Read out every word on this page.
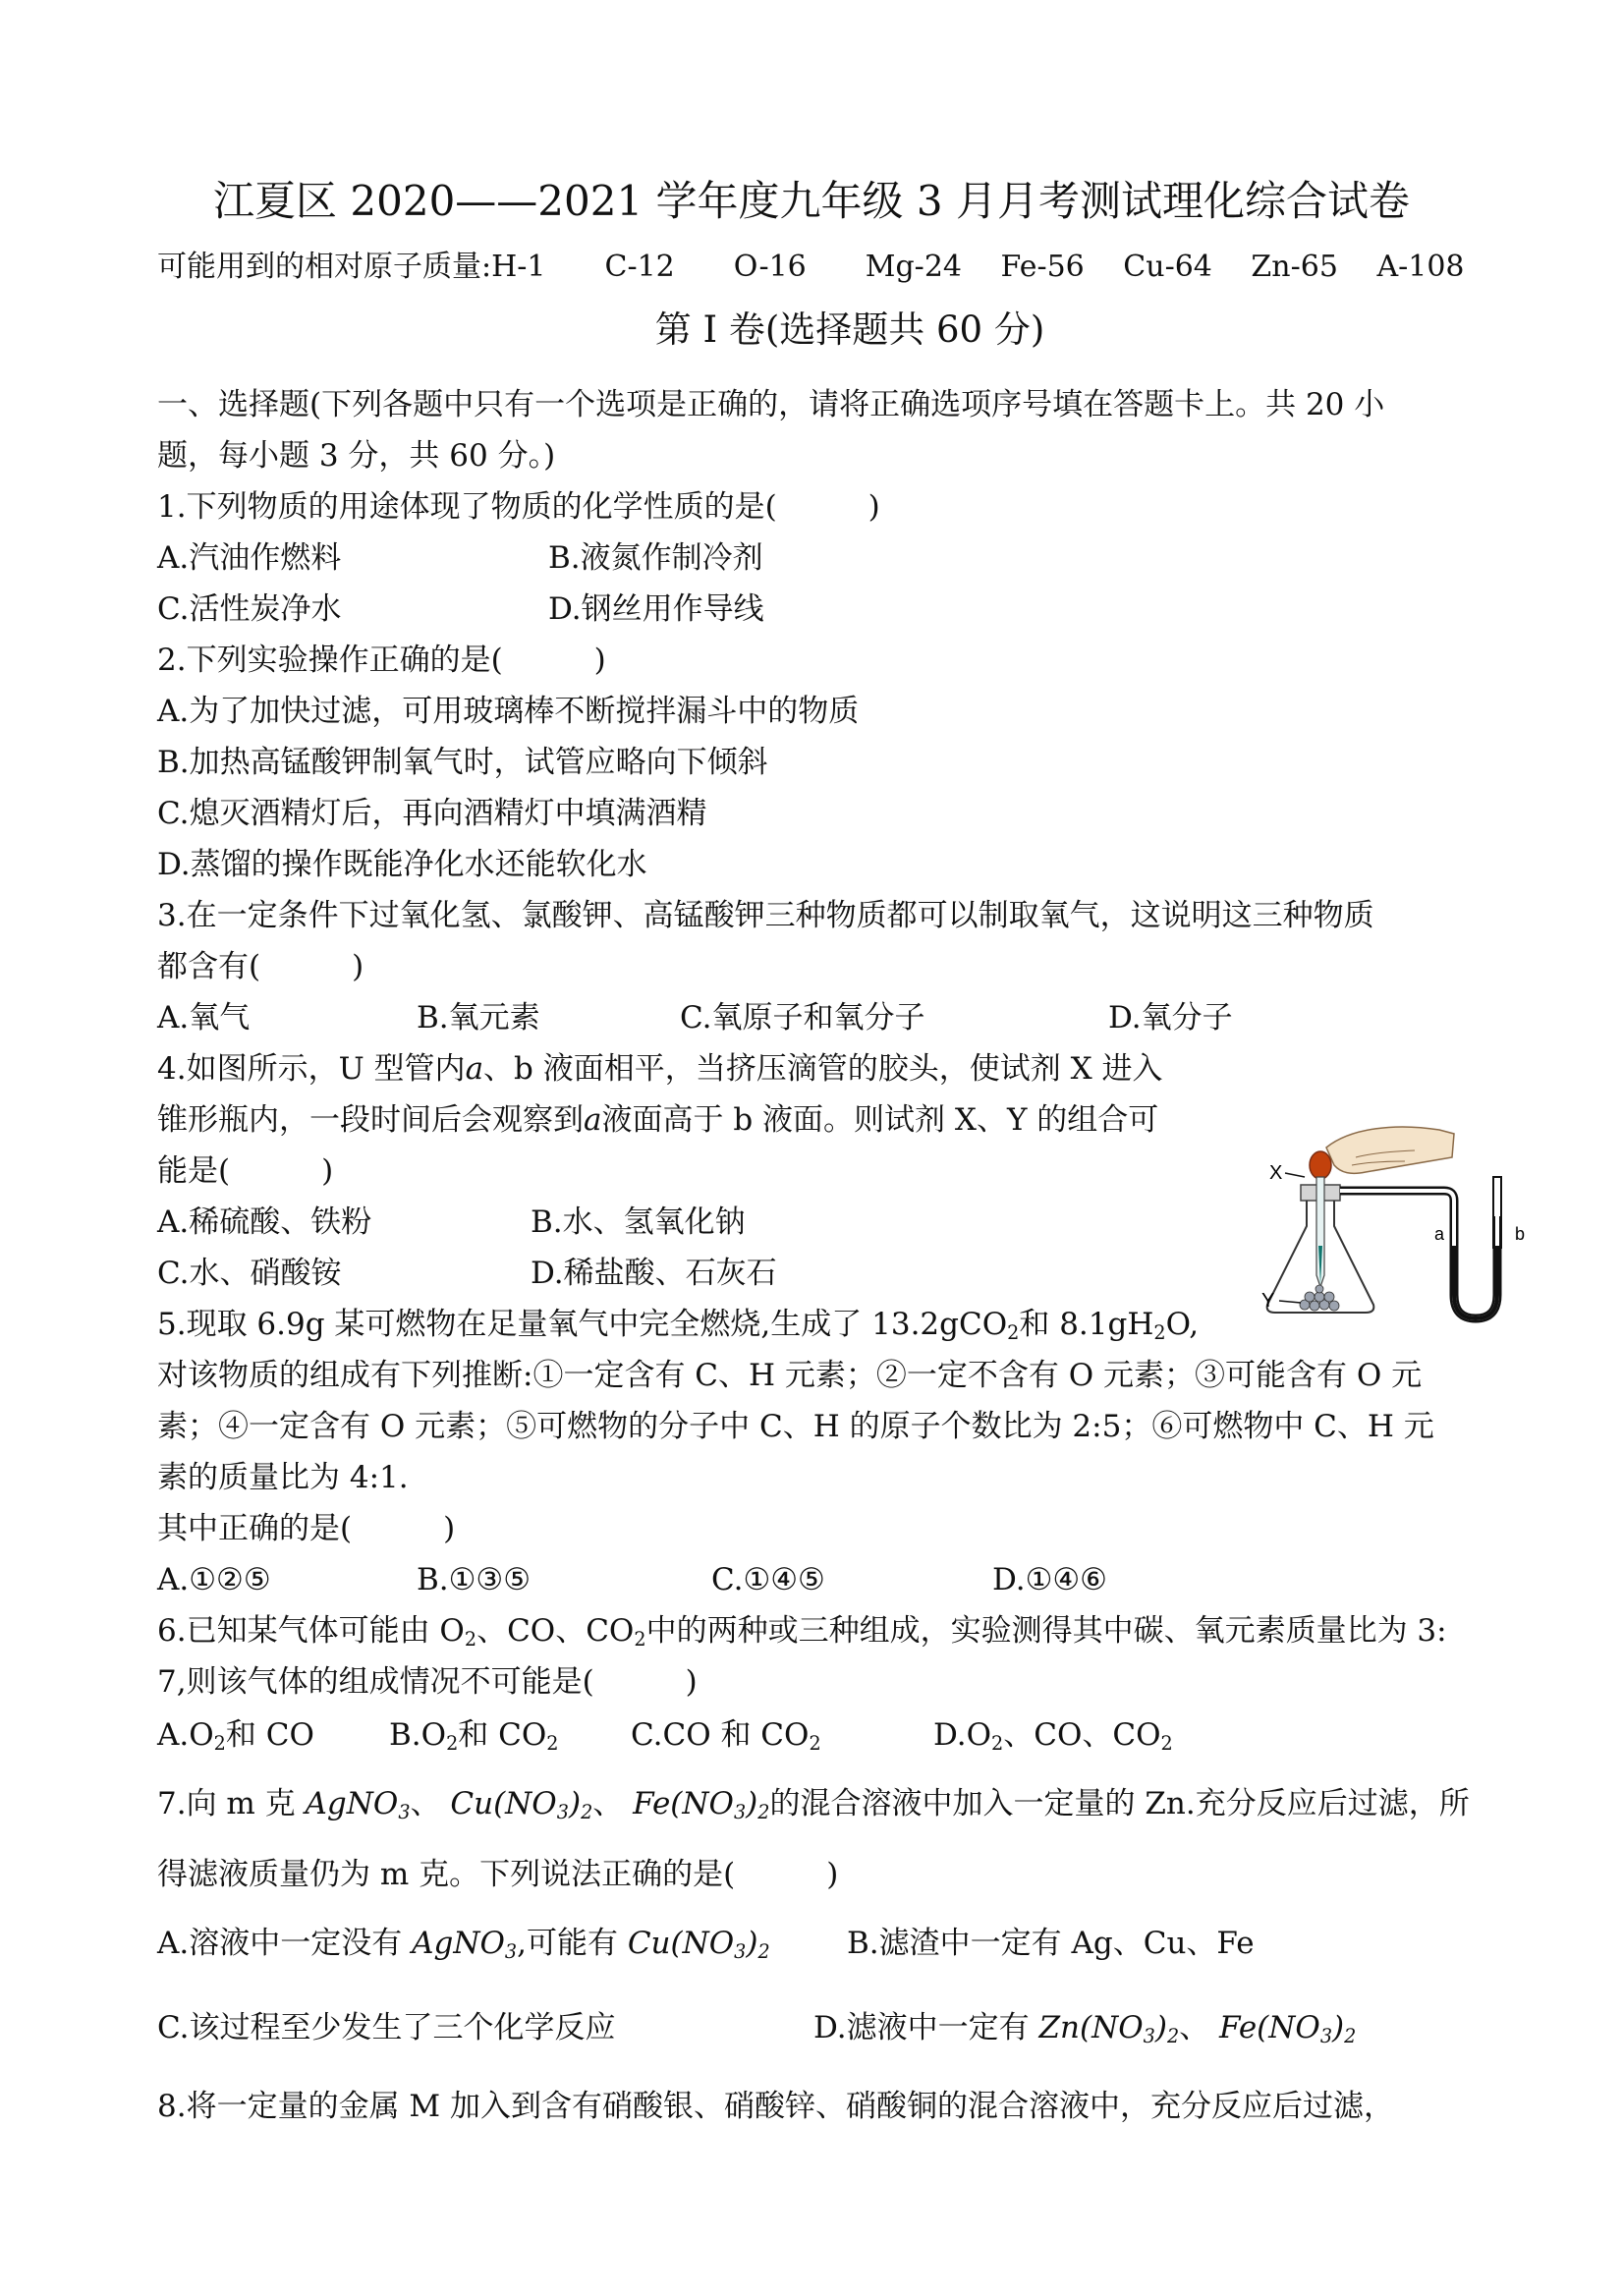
江夏区 2020——2021 学年度九年级 3 月月考测试理化综合试卷
可能用到的相对原子质量:H-1　　C-12　　O-16　　Mg-24　 Fe-56 　Cu-64 　Zn-65 　A-108
第 I 卷(选择题共 60 分)
一、选择题(下列各题中只有一个选项是正确的，请将正确选项序号填在答题卡上。共 20 小
题，每小题 3 分，共 60 分。)
1.下列物质的用途体现了物质的化学性质的是(　　　)
A.汽油作燃料	B.液氮作制冷剂
C.活性炭净水	D.钢丝用作导线
2.下列实验操作正确的是(　　　)
A.为了加快过滤，可用玻璃棒不断搅拌漏斗中的物质
B.加热高锰酸钾制氧气时，试管应略向下倾斜
C.熄灭酒精灯后，再向酒精灯中填满酒精
D.蒸馏的操作既能净化水还能软化水
3.在一定条件下过氧化氢、氯酸钾、高锰酸钾三种物质都可以制取氧气，这说明这三种物质
都含有(　　　)
A.氧气	B.氧元素	C.氧原子和氧分子	D.氧分子
4.如图所示，U 型管内a、b 液面相平，当挤压滴管的胶头，使试剂 X 进入
锥形瓶内，一段时间后会观察到a液面高于 b 液面。则试剂 X、Y 的组合可
能是(　　　)
A.稀硫酸、铁粉	B.水、氢氧化钠
C.水、硝酸铵	D.稀盐酸、石灰石
X
Y
a	b
5.现取 6.9g 某可燃物在足量氧气中完全燃烧,生成了 13.2gCO$_2$和 $8.1gH_2O$,
对该物质的组成有下列推断:①一定含有 C、H 元素；②一定不含有 O 元素；③可能含有 O 元
素；④一定含有 O 元素；⑤可燃物的分子中 C、H 的原子个数比为 2:5；⑥可燃物中 C、H 元
素的质量比为 4:1.
其中正确的是(　　　)
A.①②⑤	B.①③⑤	C.①④⑤	D.①④⑥
6.已知某气体可能由 $O_2$、CO、$CO_2$中的两种或三种组成，实验测得其中碳、氧元素质量比为 3:
7,则该气体的组成情况不可能是(　　　)
$A.O_2$和 CO $B.O_2$和 $CO_2$ C.CO 和 $CO_2$	$D.O_2$、CO、$CO_2$
7.向 m 克 AgNO$_3$、 $Cu(NO_3)_2$、 $Fe(NO_3)_2$的混合溶液中加入一定量的 Zn.充分反应后过滤，所
得滤液质量仍为 m 克。下列说法正确的是(　　　)
A.溶液中一定没有 AgNO$_3$,可能有 $Cu(NO_3)_2$	B.滤渣中一定有 Ag、Cu、Fe
C.该过程至少发生了三个化学反应	D.滤液中一定有 $Zn(NO_3)_2$、 $Fe(NO_3)_2$
8.将一定量的金属 M 加入到含有硝酸银、硝酸锌、硝酸铜的混合溶液中，充分反应后过滤，
